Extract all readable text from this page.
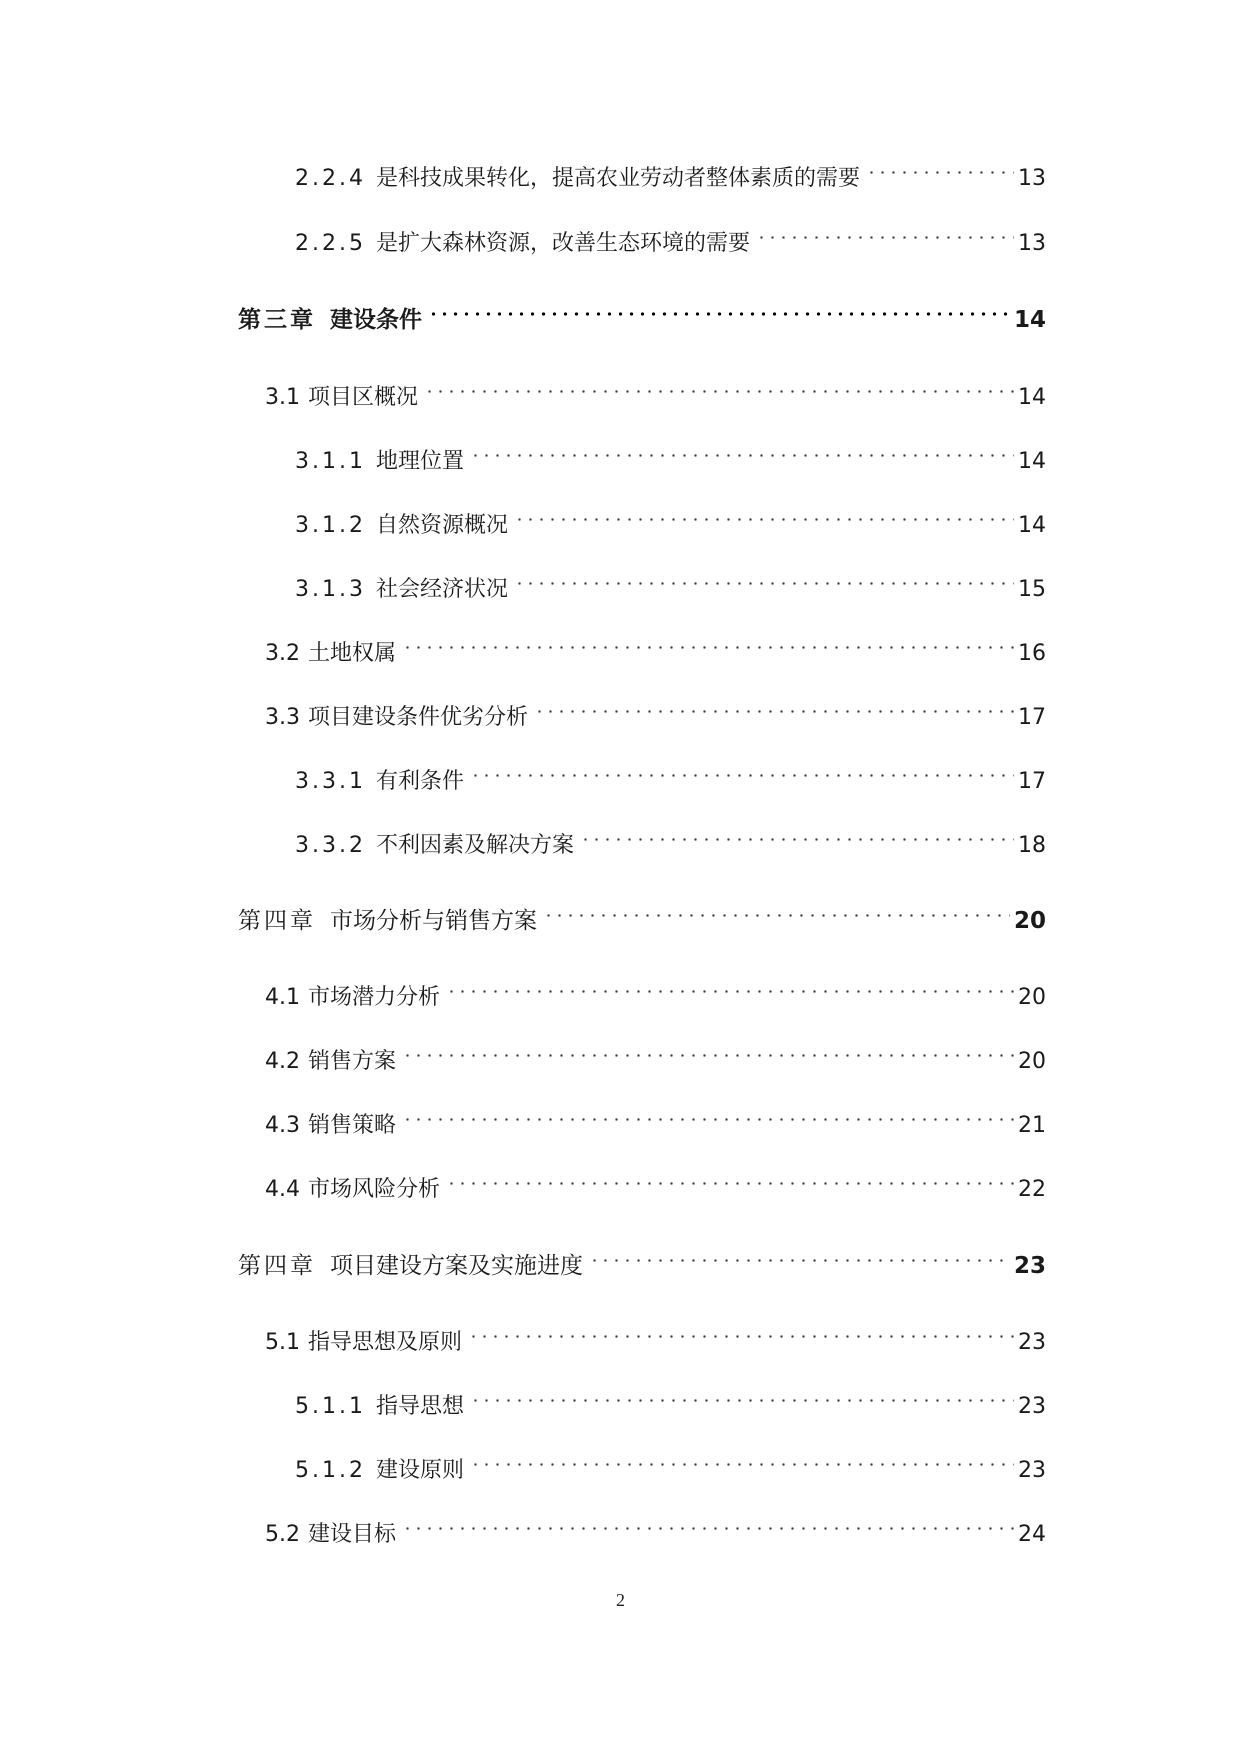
2.2.4 是科技成果转化，提高农业劳动者整体素质的需要	13
2.2.5 是扩大森林资源，改善生态环境的需要	13
第三章 建设条件	14
3.1 项目区概况	14
3.1.1 地理位置	14
3.1.2 自然资源概况	14
3.1.3 社会经济状况	15
3.2 土地权属	16
3.3 项目建设条件优劣分析	17
3.3.1 有利条件	17
3.3.2 不利因素及解决方案	18
第四章 市场分析与销售方案	20
4.1 市场潜力分析	20
4.2 销售方案	20
4.3 销售策略	21
4.4 市场风险分析	22
第四章 项目建设方案及实施进度	23
5.1 指导思想及原则	23
5.1.1 指导思想	23
5.1.2 建设原则	23
5.2 建设目标	24
2
